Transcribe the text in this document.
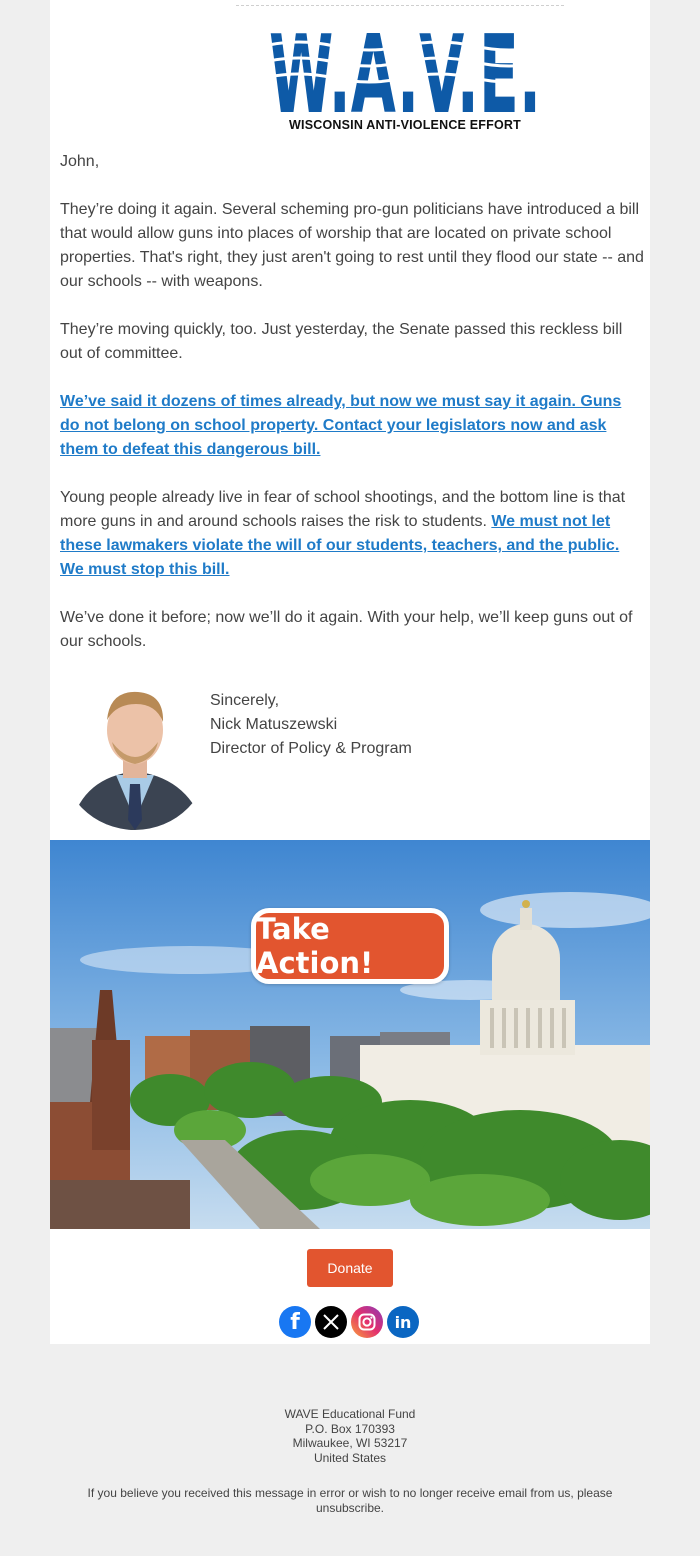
WISCONSIN ANTI-VIOLENCE EFFORT
John,
They’re doing it again. Several scheming pro-gun politicians have introduced a bill that would allow guns into places of worship that are located on private school properties. That's right, they just aren't going to rest until they flood our state -- and our schools -- with weapons.
They’re moving quickly, too. Just yesterday, the Senate passed this reckless bill out of committee.
We’ve said it dozens of times already, but now we must say it again. Guns do not belong on school property. Contact your legislators now and ask them to defeat this dangerous bill.
Young people already live in fear of school shootings, and the bottom line is that more guns in and around schools raises the risk to students. We must not let these lawmakers violate the will of our students, teachers, and the public. We must stop this bill.
We’ve done it before; now we’ll do it again. With your help, we’ll keep guns out of our schools.
Sincerely,
Nick Matuszewski
Director of Policy & Program
Take Action!
Donate
f	in
WAVE Educational Fund
P.O. Box 170393
Milwaukee, WI 53217
United States
If you believe you received this message in error or wish to no longer receive email from us, please unsubscribe.
